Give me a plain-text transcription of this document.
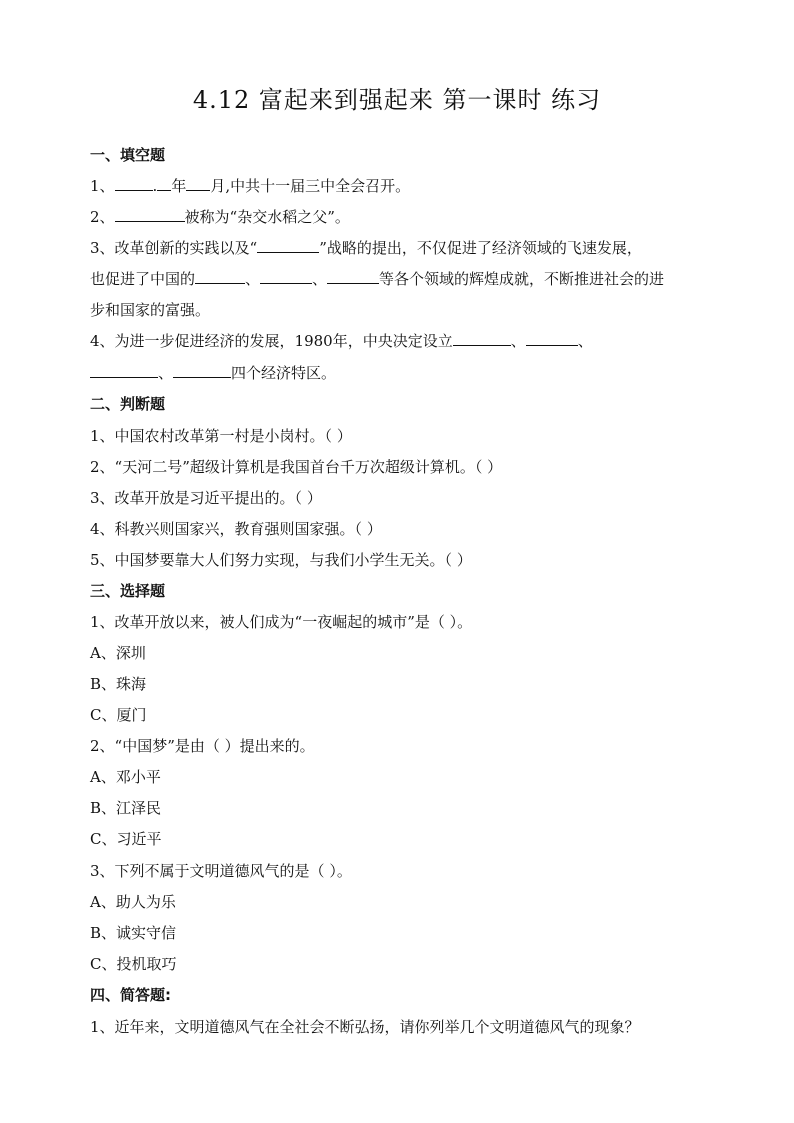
4.12 富起来到强起来 第一课时 练习
一、填空题
1、	. 年 月,中共十一届三中全会召开。
2、	被称为“杂交水稻之父”。
3、改革创新的实践以及“	”战略的提出，不仅促进了经济领域的飞速发展，
也促进了中国的	、	、	等各个领域的辉煌成就，不断推进社会的进
步和国家的富强。
4、为进一步促进经济的发展，1980年，中央决定设立	、	、
、	四个经济特区。
二、判断题
1、中国农村改革第一村是小岗村。（ ）
2、“天河二号”超级计算机是我国首台千万次超级计算机。（ ）
3、改革开放是习近平提出的。（ ）
4、科教兴则国家兴，教育强则国家强。（ ）
5、中国梦要靠大人们努力实现，与我们小学生无关。（ ）
三、选择题
1、改革开放以来，被人们成为“一夜崛起的城市”是（ ）。
A、深圳
B、珠海
C、厦门
2、“中国梦”是由（ ）提出来的。
A、邓小平
B、江泽民
C、习近平
3、下列不属于文明道德风气的是（ ）。
A、助人为乐
B、诚实守信
C、投机取巧
四、简答题:
1、近年来，文明道德风气在全社会不断弘扬，请你列举几个文明道德风气的现象？
